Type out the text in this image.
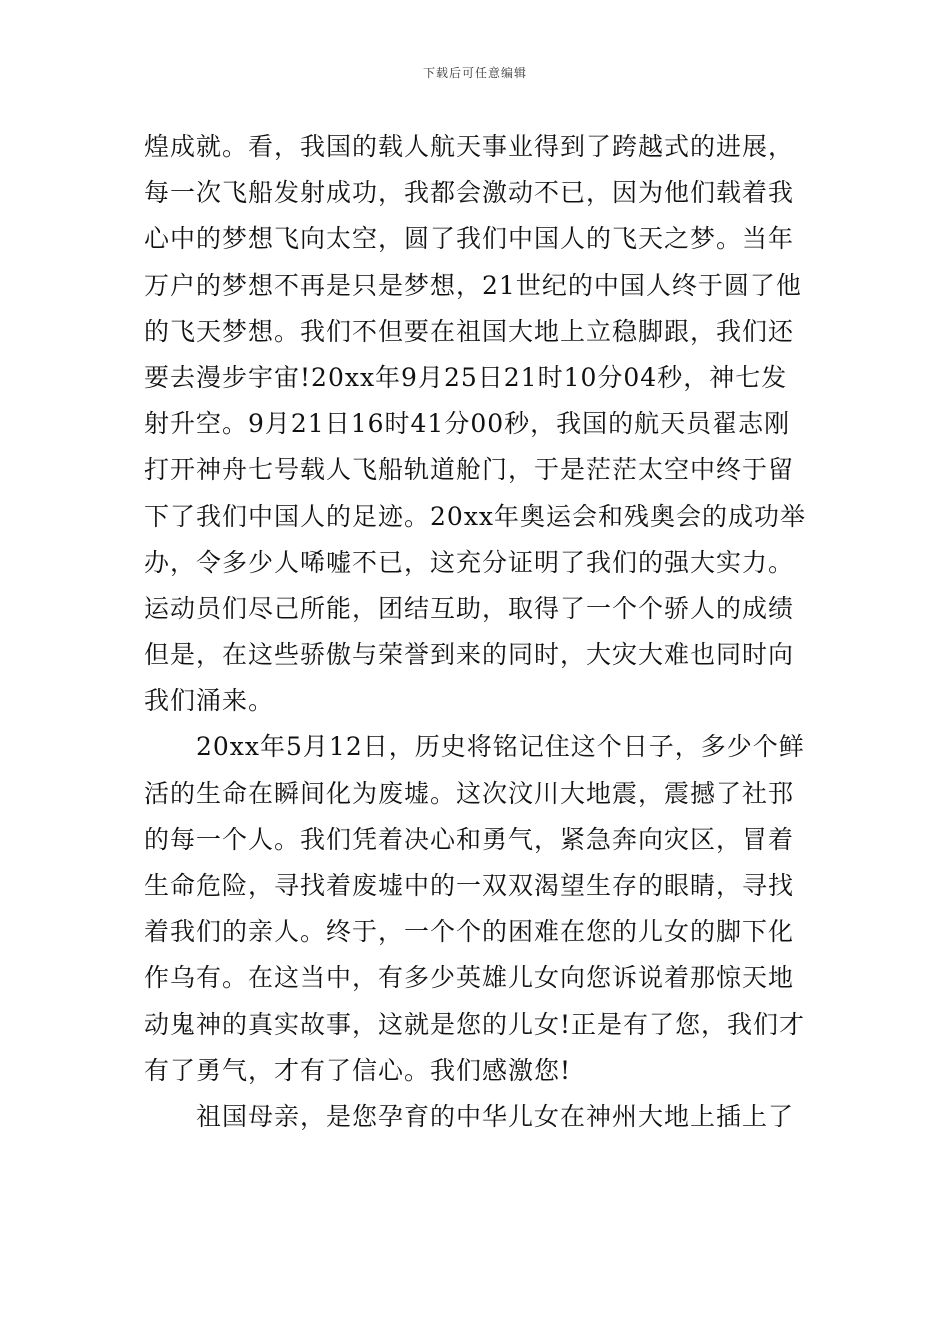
下载后可任意编辑
煌成就。看，我国的载人航天事业得到了跨越式的进展，
每一次飞船发射成功，我都会激动不已，因为他们载着我
心中的梦想飞向太空，圆了我们中国人的飞天之梦。当年
万户的梦想不再是只是梦想，21世纪的中国人终于圆了他
的飞天梦想。我们不但要在祖国大地上立稳脚跟，我们还
要去漫步宇宙!20xx年9月25日21时10分04秒，神七发
射升空。9月21日16时41分00秒，我国的航天员翟志刚
打开神舟七号载人飞船轨道舱门，于是茫茫太空中终于留
下了我们中国人的足迹。20xx年奥运会和残奥会的成功举
办，令多少人唏嘘不已，这充分证明了我们的强大实力。
运动员们尽己所能，团结互助，取得了一个个骄人的成绩
但是，在这些骄傲与荣誉到来的同时，大灾大难也同时向
我们涌来。
20xx年5月12日，历史将铭记住这个日子，多少个鲜
活的生命在瞬间化为废墟。这次汶川大地震，震撼了社邘
的每一个人。我们凭着决心和勇气，紧急奔向灾区，冒着
生命危险，寻找着废墟中的一双双渴望生存的眼睛，寻找
着我们的亲人。终于，一个个的困难在您的儿女的脚下化
作乌有。在这当中，有多少英雄儿女向您诉说着那惊天地
动鬼神的真实故事，这就是您的儿女!正是有了您，我们才
有了勇气，才有了信心。我们感激您!
祖国母亲，是您孕育的中华儿女在神州大地上插上了
